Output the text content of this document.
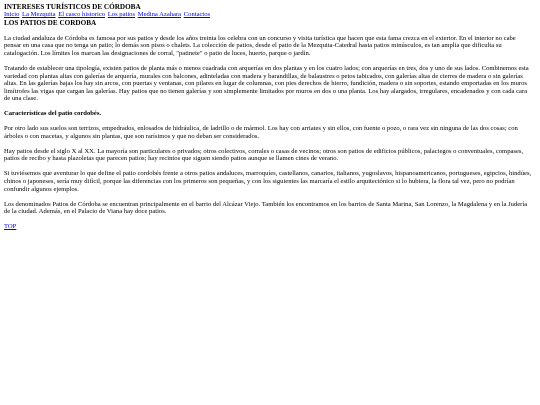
INTERESES TURÍSTICOS DE CÓRDOBA
Inicio La Mezquita El casco historico Los patios Medina Azahara Contactos
LOS PATIOS DE CORDOBA

La ciudad andaluza de Córdoba es famosa por sus patios y desde los años treinta los celebra con un concurso y visita turística que hacen que esta fama crezca en el exterior. En el interior no cabe pensar en una casa que no tenga un patio; lo demás son pisos o chalets. La colección de patios, desde el patio de la Mezquita-Catedral hasta patios minúsculos, es tan amplia que dificulta su catalogación. Los límites los marcan las designaciones de corral, "patinete" o patio de luces, huerto, parque o jardín.

Tratando de establecer una tipología, existen patios de planta más o menos cuadrada con arquerías en dos plantas y en los cuatro lados; con arquerías en tres, dos y uno de sus lados. Combinemos esta variedad con plantas altas con galerías de arquería, murales con balcones, adinteladas con madera y barandillas, de balaustres o petos tabicados, con galerías altas de cierres de madera o sin galerías altas. En las galerías bajas los hay sin arcos, con puertas y ventanas, con pilares en lugar de columnas, con pies derechos de hierro, fundición, madera o sin soportes, estando emportadas en los muros limítrofes las vigas que cargan las galerías. Hay patios que no tienen galerías y son simplemente limitados por muros en dos o una planta. Los hay alargados, irregulares, encadenados y con cada cara de una clase.

Características del patio cordobés.

Por otro lado sus suelos son terrizos, empedrados, enlosados de hidráulica, de ladrillo o de mármol. Los hay con arriates y sin ellos, con fuente o pozo, o rara vez sin ninguna de las dos cosas; con árboles o con macetas, y algunos sin plantas, que son rarísimos y que no deban ser considerados.

Hay patios desde el siglo X al XX. La mayoría son particulares o privados; otros colectivos, corrales o casas de vecinos; otros son patios de edificios públicos, palaciegos o conventuales, compases, patios de recibo y hasta plazoletas que parecen patios; hay recintos que siguen siendo patios aunque se llamen cines de verano.

Si tuviésemos que aventurar lo que define el patio cordobés frente a otros patios andaluces, marroquíes, castellanos, canarios, italianos, yugoslavos, hispanoamericanos, portugueses, egipcios, hindúes, chinos o japoneses, sería muy difícil, porque las diferencias con los primeros son pequeñas, y con los siguientes las marcaría el estilo arquitectónico si lo hubiera, la flora tal vez, pero no podrían confundir algunos ejemplos.

Los denominados Patios de Córdoba se encuentran principalmente en el barrio del Alcázar Viejo. También los encontramos en los barrios de Santa Marina, San Lorenzo, la Magdalena y en la Judería de la ciudad. Además, en el Palacio de Viana hay doce patios.

TOP
